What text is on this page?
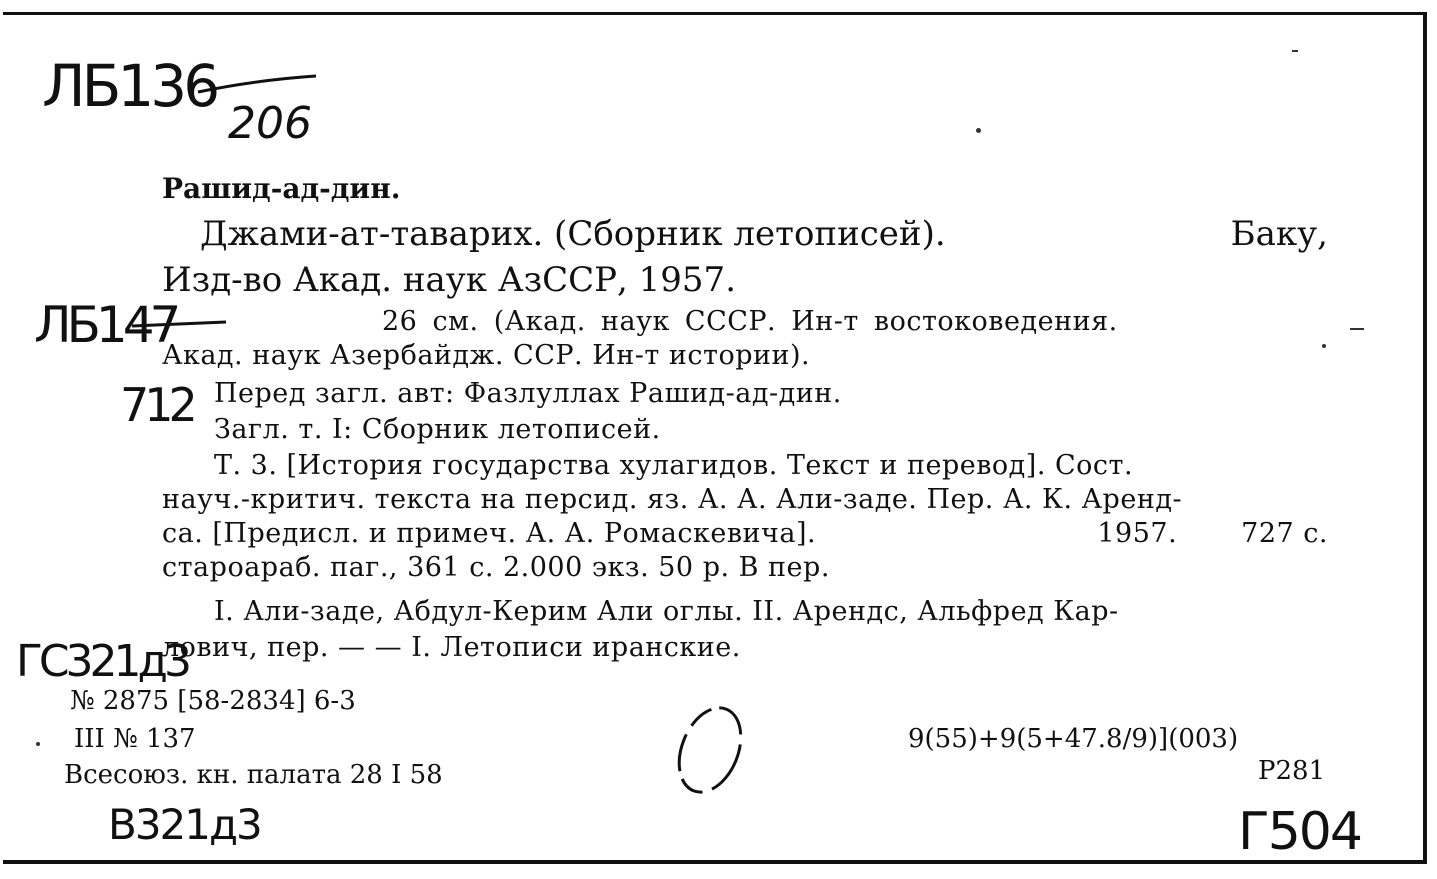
ЛБ136
206
ЛБ147
712
ГС321д3
В321д3	Г504
Рашид-ад-дин.
Джами-ат-таварих. (Сборник летописей).	Баку,
Изд-во Акад. наук АзССР, 1957.
26 см. (Акад. наук СССР. Ин-т востоковедения.
Акад. наук Азербайдж. ССР. Ин-т истории).
Перед загл. авт: Фазлуллах Рашид-ад-дин.
Загл. т. I: Сборник летописей.
Т. 3. [История государства хулагидов. Текст и перевод]. Сост.
науч.-критич. текста на персид. яз. А. А. Али-заде. Пер. А. К. Аренд-
са. [Предисл. и примеч. А. А. Ромаскевича].	1957. 727 с.
староараб. паг., 361 с. 2.000 экз. 50 р. В пер.
I. Али-заде, Абдул-Керим Али оглы. II. Арендс, Альфред Кар-
лович, пер. — — I. Летописи иранские.
№ 2875 [58-2834] 6-3
III № 137
Всесоюз. кн. палата 28 I 58
9(55)+9(5+47.8/9)](003)
Р281
